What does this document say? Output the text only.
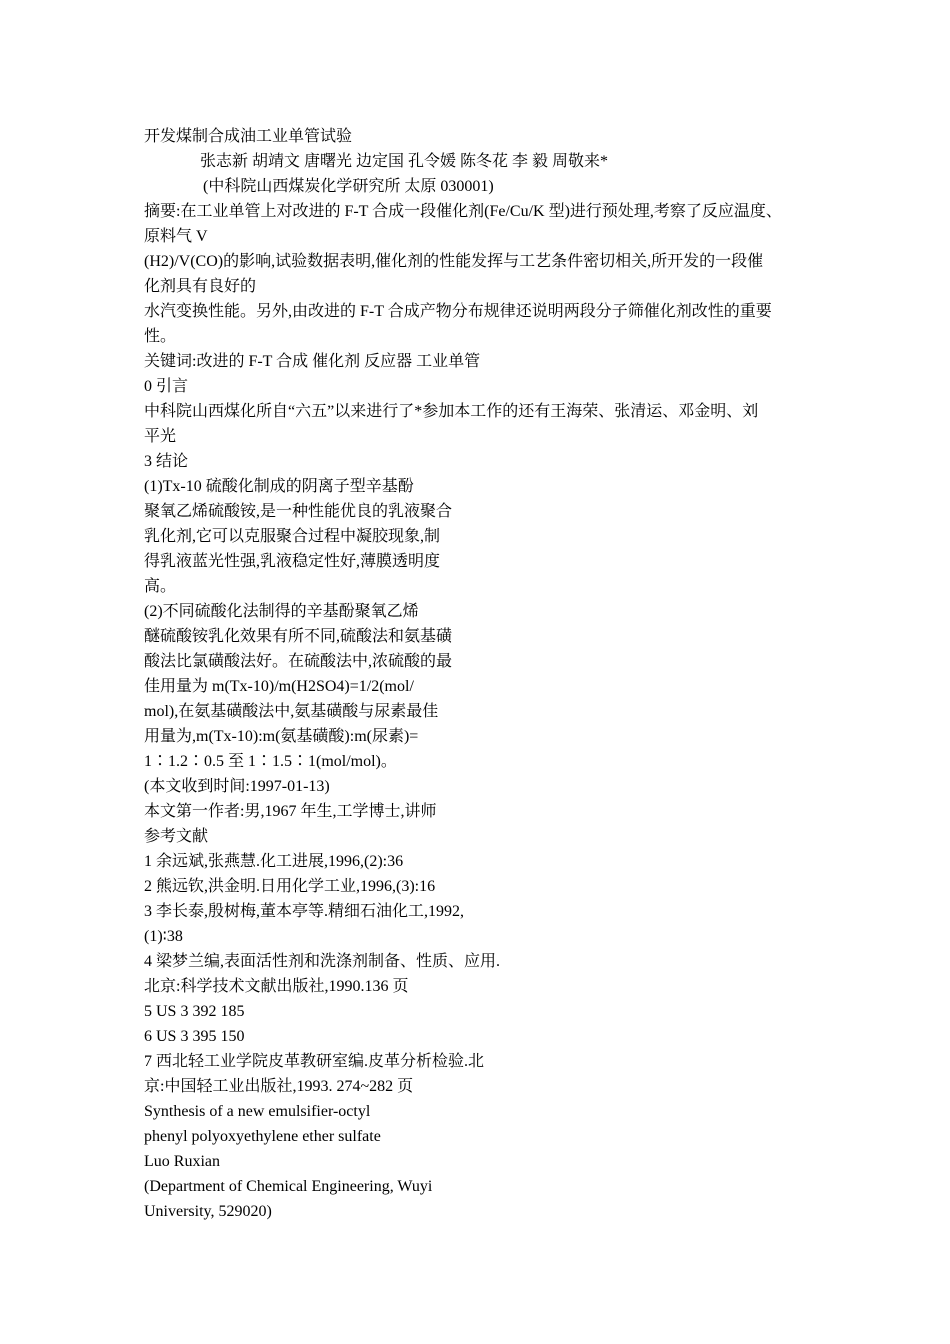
开发煤制合成油工业单管试验
张志新 胡靖文 唐曙光 边定国 孔令媛 陈冬花 李 毅 周敬来*
(中科院山西煤炭化学研究所 太原 030001)
摘要:在工业单管上对改进的 F-T 合成一段催化剂(Fe/Cu/K 型)进行预处理,考察了反应温度、
原料气 V
(H2)/V(CO)的影响,试验数据表明,催化剂的性能发挥与工艺条件密切相关,所开发的一段催
化剂具有良好的
水汽变换性能。另外,由改进的 F-T 合成产物分布规律还说明两段分子筛催化剂改性的重要
性。
关键词:改进的 F-T 合成 催化剂 反应器 工业单管
0 引言
中科院山西煤化所自“六五”以来进行了*参加本工作的还有王海荣、张清运、邓金明、刘
平光
3 结论
(1)Tx-10 硫酸化制成的阴离子型辛基酚
聚氧乙烯硫酸铵,是一种性能优良的乳液聚合
乳化剂,它可以克服聚合过程中凝胶现象,制
得乳液蓝光性强,乳液稳定性好,薄膜透明度
高。
(2)不同硫酸化法制得的辛基酚聚氧乙烯
醚硫酸铵乳化效果有所不同,硫酸法和氨基磺
酸法比氯磺酸法好。在硫酸法中,浓硫酸的最
佳用量为 m(Tx-10)/m(H2SO4)=1/2(mol/
mol),在氨基磺酸法中,氨基磺酸与尿素最佳
用量为,m(Tx-10):m(氨基磺酸):m(尿素)=
1∶1.2∶0.5 至 1∶1.5∶1(mol/mol)。
(本文收到时间:1997-01-13)
本文第一作者:男,1967 年生,工学博士,讲师
参考文献
1 余远斌,张燕慧.化工进展,1996,(2):36
2 熊远钦,洪金明.日用化学工业,1996,(3):16
3 李长泰,殷树梅,董本亭等.精细石油化工,1992,
(1)∶38
4 梁梦兰编,表面活性剂和洗涤剂制备、性质、应用.
北京:科学技术文献出版社,1990.136 页
5 US 3 392 185
6 US 3 395 150
7 西北轻工业学院皮革教研室编.皮革分析检验.北
京:中国轻工业出版社,1993. 274~282 页
Synthesis of a new emulsifier-octyl
phenyl polyoxyethylene ether sulfate
Luo Ruxian
(Department of Chemical Engineering, Wuyi
University, 529020)
